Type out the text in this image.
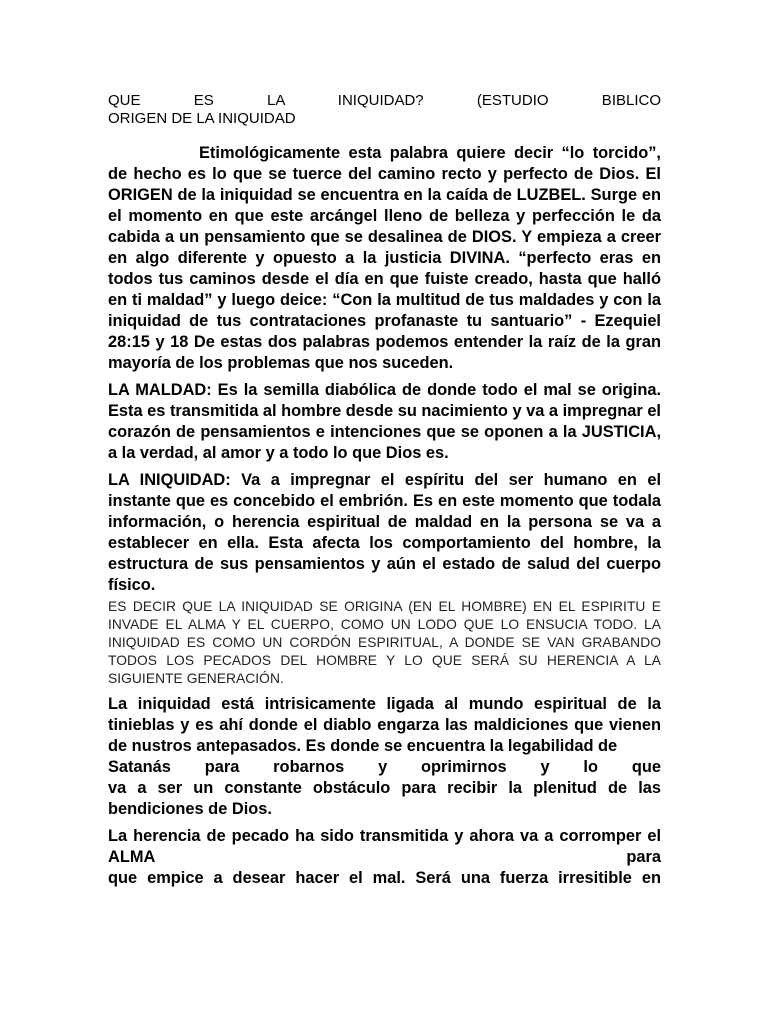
QUE ES LA INIQUIDAD? (ESTUDIO BIBLICO
ORIGEN DE LA INIQUIDAD

Etimológicamente esta palabra quiere decir “lo torcido”, de hecho es lo que se tuerce del camino recto y perfecto de Dios. El ORIGEN de la iniquidad se encuentra en la caída de LUZBEL. Surge en el momento en que este arcángel lleno de belleza y perfección le da cabida a un pensamiento que se desalinea de DIOS. Y empieza a creer en algo diferente y opuesto a la justicia DIVINA. “perfecto eras en todos tus caminos desde el día en que fuiste creado, hasta que halló en ti maldad” y luego deice: “Con la multitud de tus maldades y con la iniquidad de tus contrataciones profanaste tu santuario” - Ezequiel 28:15 y 18 De estas dos palabras podemos entender la raíz de la gran mayoría de los problemas que nos suceden.

LA MALDAD: Es la semilla diabólica de donde todo el mal se origina. Esta es transmitida al hombre desde su nacimiento y va a impregnar el corazón de pensamientos e intenciones que se oponen a la JUSTICIA, a la verdad, al amor y a todo lo que Dios es.

LA INIQUIDAD: Va a impregnar el espíritu del ser humano en el instante que es concebido el embrión. Es en este momento que todala información, o herencia espiritual de maldad en la persona se va a establecer en ella. Esta afecta los comportamiento del hombre, la estructura de sus pensamientos y aún el estado de salud del cuerpo físico.

ES DECIR QUE LA INIQUIDAD SE ORIGINA (EN EL HOMBRE) EN EL ESPIRITU E INVADE EL ALMA Y EL CUERPO, COMO UN LODO QUE LO ENSUCIA TODO. LA INIQUIDAD ES COMO UN CORDÓN ESPIRITUAL, A DONDE SE VAN GRABANDO TODOS LOS PECADOS DEL HOMBRE Y LO QUE SERÁ SU HERENCIA A LA SIGUIENTE GENERACIÓN.

La iniquidad está intrisicamente ligada al mundo espiritual de la tinieblas y es ahí donde el diablo engarza las maldiciones que vienen de nustros antepasados. Es donde se encuentra la legabilidad de
Satanás para robarnos y oprimirnos y lo que
va a ser un constante obstáculo para recibir la plenitud de las bendiciones de Dios.
La herencia de pecado ha sido transmitida y ahora va a corromper el
ALMA para
que empice a desear hacer el mal. Será una fuerza irresitible en
